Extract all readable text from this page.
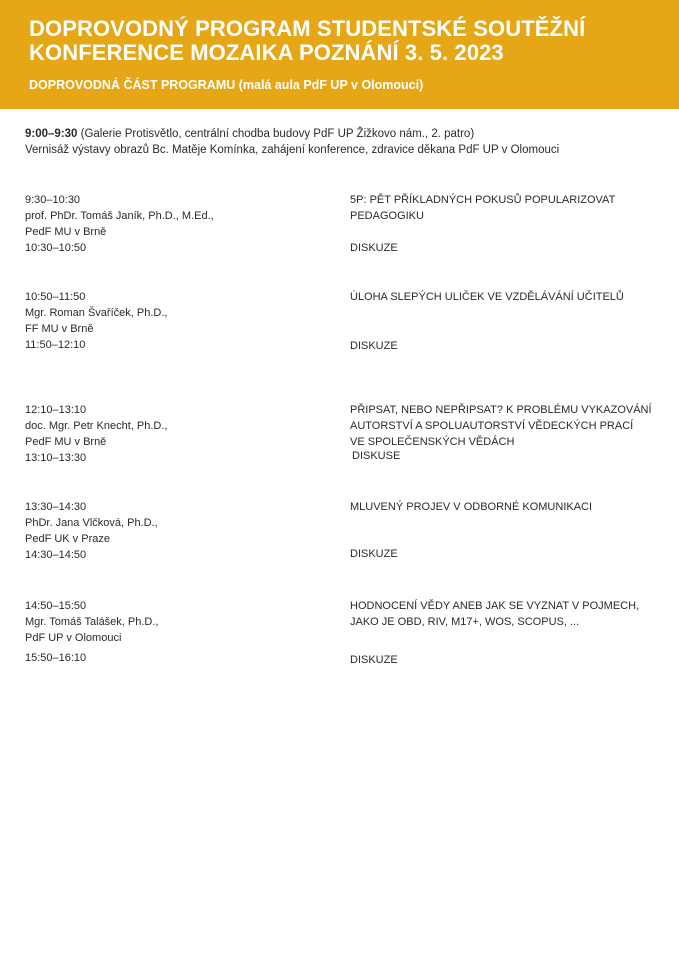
DOPROVODNÝ PROGRAM STUDENTSKÉ SOUTĚŽNÍ
KONFERENCE MOZAIKA POZNÁNÍ 3. 5. 2023
DOPROVODNÁ ČÁST PROGRAMU (malá aula PdF UP v Olomouci)
9:00–9:30 (Galerie Protisvětlo, centrální chodba budovy PdF UP Žižkovo nám., 2. patro)
Vernisáž výstavy obrazů Bc. Matěje Komínka, zahájení konference, zdravice děkana PdF UP v Olomouci
9:30–10:30
prof. PhDr. Tomáš Janík, Ph.D., M.Ed.,
PedF MU v Brně
10:30–10:50
5P: PĚT PŘÍKLADNÝCH POKUSŮ POPULARIZOVAT
PEDAGOGIKU
DISKUZE
10:50–11:50
Mgr. Roman Švaříček, Ph.D.,
FF MU v Brně
11:50–12:10
ÚLOHA SLEPÝCH ULIČEK VE VZDĚLÁVÁNÍ UČITELŮ
DISKUZE
12:10–13:10
doc. Mgr. Petr Knecht, Ph.D.,
PedF MU v Brně
13:10–13:30
PŘIPSAT, NEBO NEPŘIPSAT? K PROBLÉMU VYKAZOVÁNÍ
AUTORSTVÍ A SPOLUAUTORSTVÍ VĚDECKÝCH PRACÍ
VE SPOLEČENSKÝCH VĚDÁCH
DISKUSE
13:30–14:30
PhDr. Jana Vlčková, Ph.D.,
PedF UK v Praze
14:30–14:50
MLUVENÝ PROJEV V ODBORNÉ KOMUNIKACI
DISKUZE
14:50–15:50
Mgr. Tomáš Talášek, Ph.D.,
PdF UP v Olomouci
15:50–16:10
HODNOCENÍ VĚDY ANEB JAK SE VYZNAT V POJMECH,
JAKO JE OBD, RIV, M17+, WOS, SCOPUS, ...
DISKUZE
